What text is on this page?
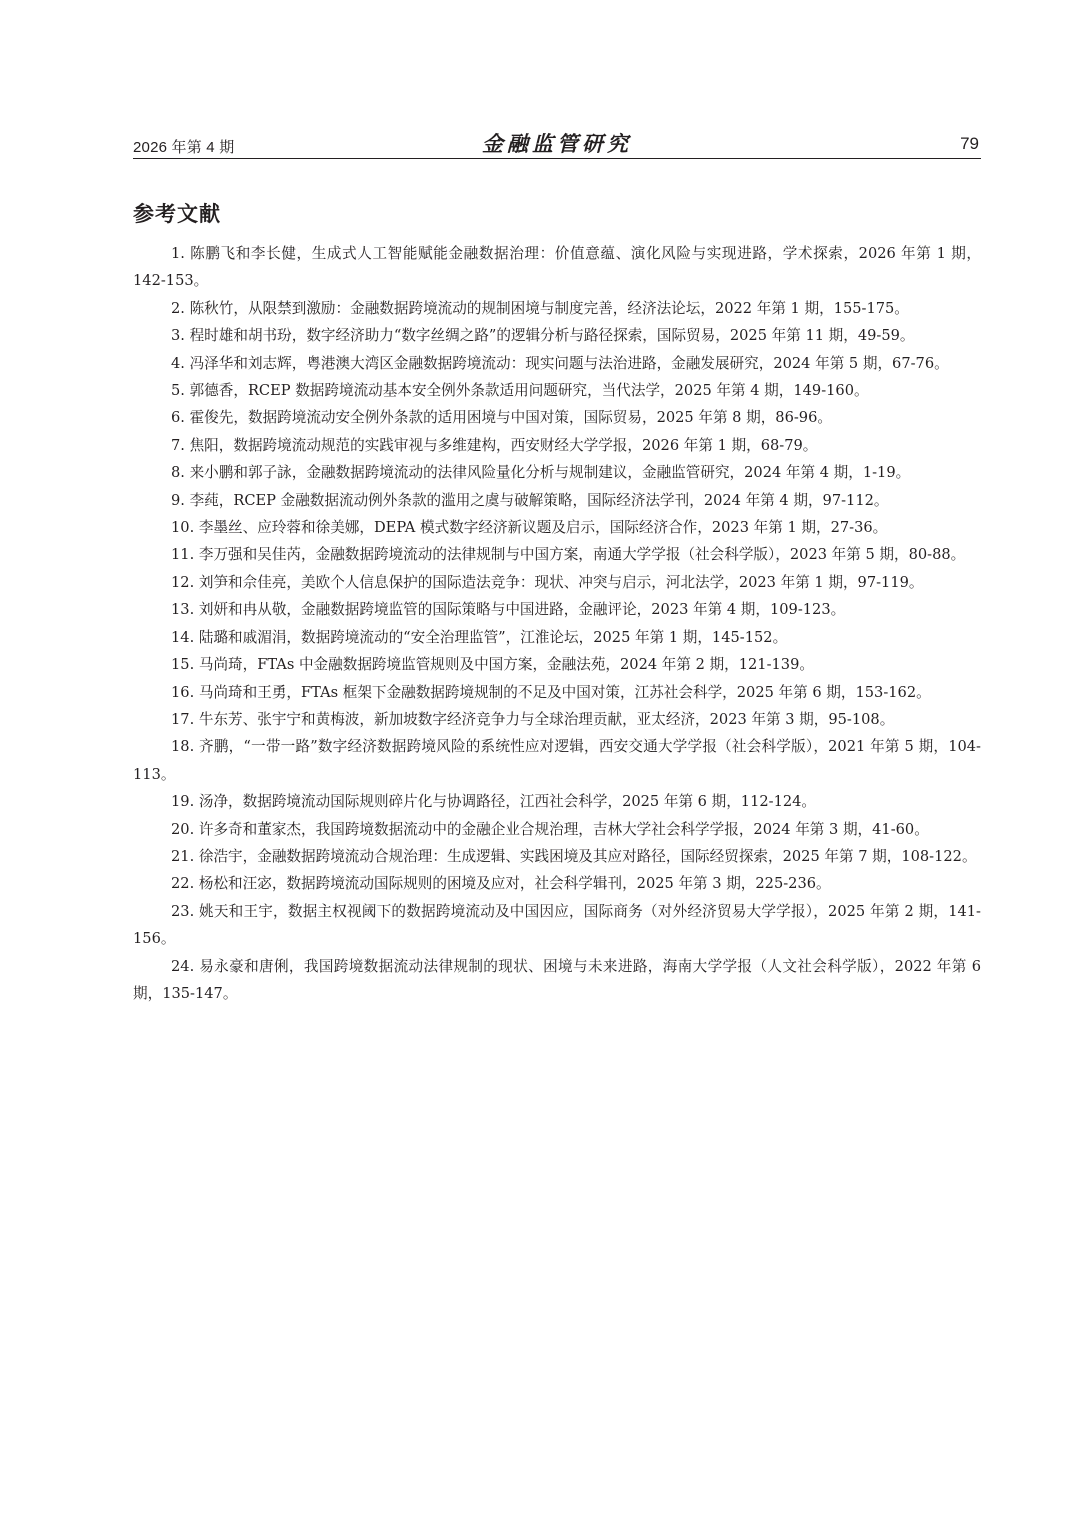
2026 年第 4 期	金融监管研究	79
参考文献
1. 陈鹏飞和李长健，生成式人工智能赋能金融数据治理：价值意蕴、演化风险与实现进路，学术探索，2026 年第 1 期，142-153。
2. 陈秋竹，从限禁到激励：金融数据跨境流动的规制困境与制度完善，经济法论坛，2022 年第 1 期，155-175。
3. 程时雄和胡书玢，数字经济助力“数字丝绸之路”的逻辑分析与路径探索，国际贸易，2025 年第 11 期，49-59。
4. 冯泽华和刘志辉，粤港澳大湾区金融数据跨境流动：现实问题与法治进路，金融发展研究，2024 年第 5 期，67-76。
5. 郭德香，RCEP 数据跨境流动基本安全例外条款适用问题研究，当代法学，2025 年第 4 期，149-160。
6. 霍俊先，数据跨境流动安全例外条款的适用困境与中国对策，国际贸易，2025 年第 8 期，86-96。
7. 焦阳，数据跨境流动规范的实践审视与多维建构，西安财经大学学报，2026 年第 1 期，68-79。
8. 来小鹏和郭子詠，金融数据跨境流动的法律风险量化分析与规制建议，金融监管研究，2024 年第 4 期，1-19。
9. 李莼，RCEP 金融数据流动例外条款的滥用之虞与破解策略，国际经济法学刊，2024 年第 4 期，97-112。
10. 李墨丝、应玲蓉和徐美娜，DEPA 模式数字经济新议题及启示，国际经济合作，2023 年第 1 期，27-36。
11. 李万强和吴佳芮，金融数据跨境流动的法律规制与中国方案，南通大学学报（社会科学版），2023 年第 5 期，80-88。
12. 刘笋和佘佳亮，美欧个人信息保护的国际造法竞争：现状、冲突与启示，河北法学，2023 年第 1 期，97-119。
13. 刘妍和冉从敬，金融数据跨境监管的国际策略与中国进路，金融评论，2023 年第 4 期，109-123。
14. 陆璐和戚湄涓，数据跨境流动的“安全治理监管”，江淮论坛，2025 年第 1 期，145-152。
15. 马尚琦，FTAs 中金融数据跨境监管规则及中国方案，金融法苑，2024 年第 2 期，121-139。
16. 马尚琦和王勇，FTAs 框架下金融数据跨境规制的不足及中国对策，江苏社会科学，2025 年第 6 期，153-162。
17. 牛东芳、张宇宁和黄梅波，新加坡数字经济竞争力与全球治理贡献，亚太经济，2023 年第 3 期，95-108。
18. 齐鹏，“一带一路”数字经济数据跨境风险的系统性应对逻辑，西安交通大学学报（社会科学版），2021 年第 5 期，104-113。
19. 汤净，数据跨境流动国际规则碎片化与协调路径，江西社会科学，2025 年第 6 期，112-124。
20. 许多奇和董家杰，我国跨境数据流动中的金融企业合规治理，吉林大学社会科学学报，2024 年第 3 期，41-60。
21. 徐浩宇，金融数据跨境流动合规治理：生成逻辑、实践困境及其应对路径，国际经贸探索，2025 年第 7 期，108-122。
22. 杨松和汪宓，数据跨境流动国际规则的困境及应对，社会科学辑刊，2025 年第 3 期，225-236。
23. 姚天和王宇，数据主权视阈下的数据跨境流动及中国因应，国际商务（对外经济贸易大学学报），2025 年第 2 期，141-156。
24. 易永豪和唐俐，我国跨境数据流动法律规制的现状、困境与未来进路，海南大学学报（人文社会科学版），2022 年第 6 期，135-147。
